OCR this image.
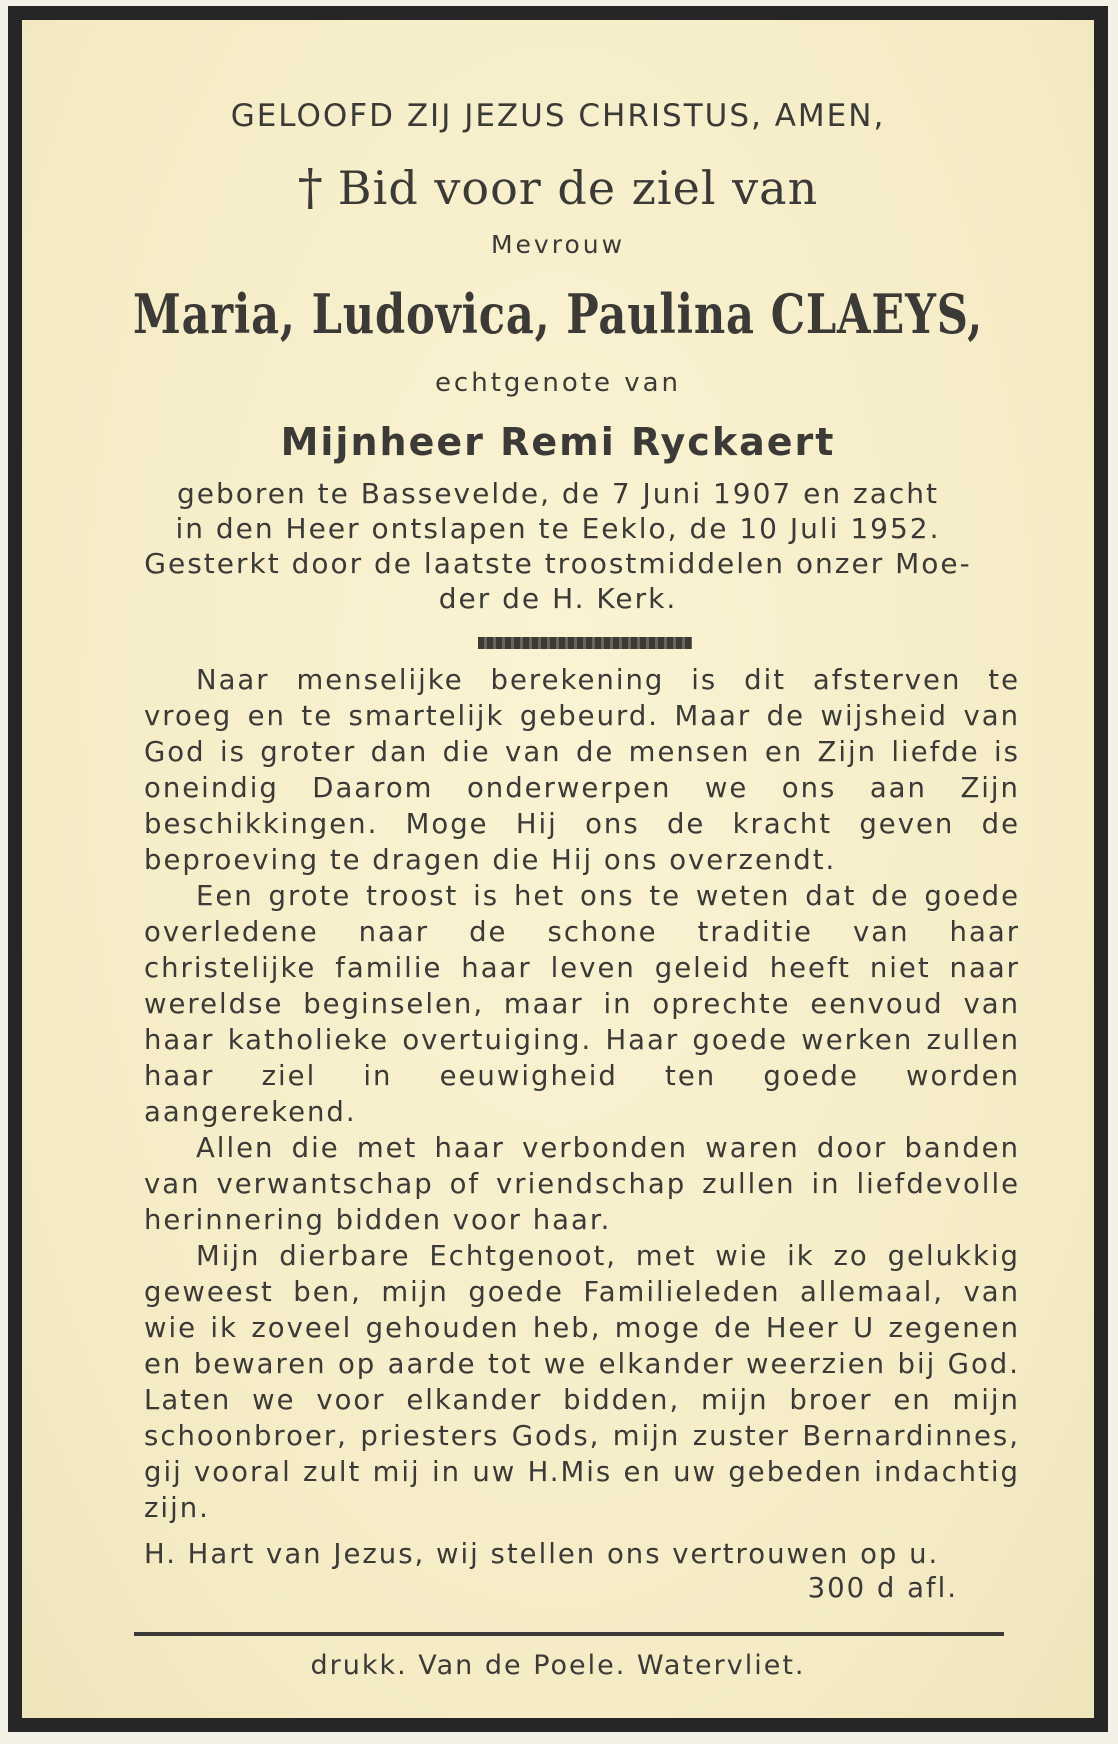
GELOOFD ZIJ JEZUS CHRISTUS, AMEN,
† Bid voor de ziel van
Mevrouw
Maria, Ludovica, Paulina CLAEYS,
echtgenote van
Mijnheer Remi Ryckaert
geboren te Bassevelde, de 7 Juni 1907 en zacht
in den Heer ontslapen te Eeklo, de 10 Juli 1952.
Gesterkt door de laatste troostmiddelen onzer Moe-
der de H. Kerk.

Naar menselijke berekening is dit afsterven te vroeg en te smartelijk gebeurd. Maar de wijsheid van God is groter dan die van de mensen en Zijn liefde is oneindig Daarom onderwerpen we ons aan Zijn beschikkingen. Moge Hij ons de kracht geven de beproeving te dragen die Hij ons overzendt.

Een grote troost is het ons te weten dat de goede overledene naar de schone traditie van haar christelijke familie haar leven geleid heeft niet naar wereldse beginselen, maar in oprechte eenvoud van haar katholieke overtuiging. Haar goede werken zullen haar ziel in eeuwigheid ten goede worden aangerekend.

Allen die met haar verbonden waren door banden van verwantschap of vriendschap zullen in liefdevolle herinnering bidden voor haar.

Mijn dierbare Echtgenoot, met wie ik zo gelukkig geweest ben, mijn goede Familieleden allemaal, van wie ik zoveel gehouden heb, moge de Heer U zegenen en bewaren op aarde tot we elkander weerzien bij God. Laten we voor elkander bidden, mijn broer en mijn schoonbroer, priesters Gods, mijn zuster Bernardinnes, gij vooral zult mij in uw H.Mis en uw gebeden indachtig zijn.

H. Hart van Jezus, wij stellen ons vertrouwen op u.
300 d afl.
drukk. Van de Poele. Watervliet.
